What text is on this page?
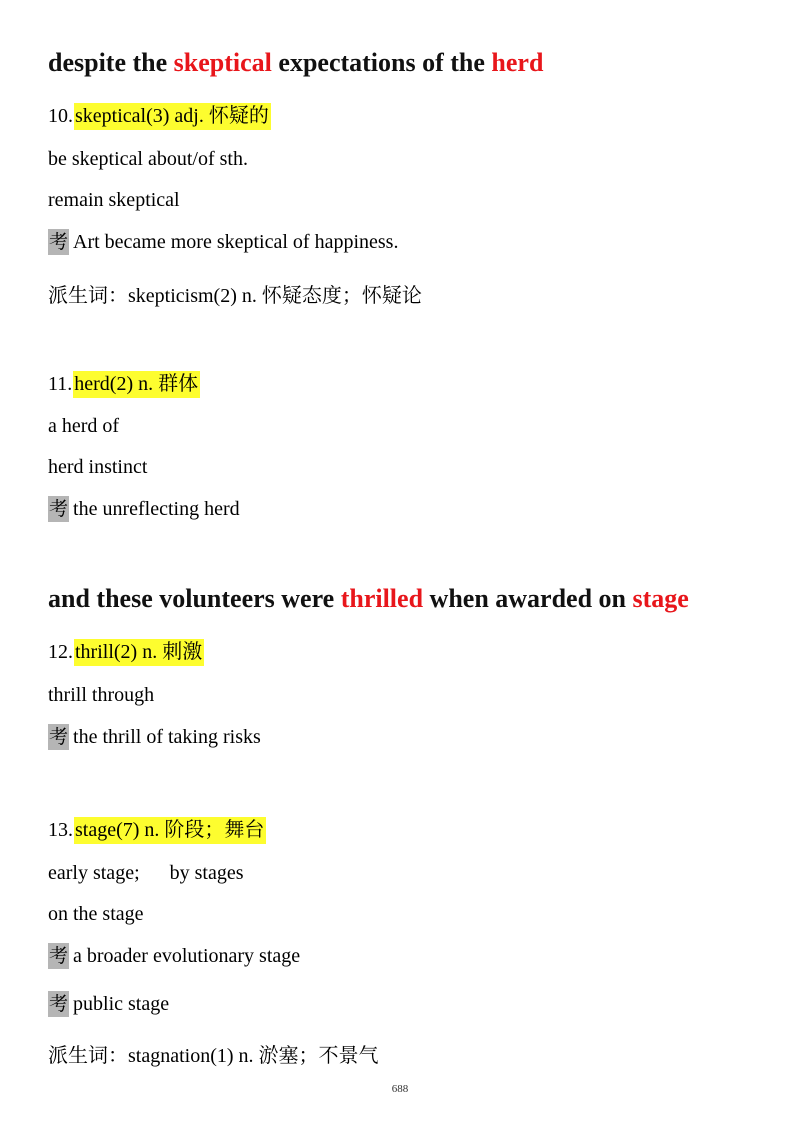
despite the skeptical expectations of the herd
10. skeptical(3) adj. 怀疑的
be skeptical about/of sth.
remain skeptical
考 Art became more skeptical of happiness.
派生词：skepticism(2) n. 怀疑态度；怀疑论
11. herd(2) n. 群体
a herd of
herd instinct
考 the unreflecting herd
and these volunteers were thrilled when awarded on stage
12. thrill(2) n. 刺激
thrill through
考 the thrill of taking risks
13. stage(7) n. 阶段；舞台
early stage; by stages
on the stage
考 a broader evolutionary stage
考 public stage
派生词：stagnation(1) n. 淤塞；不景气
688
